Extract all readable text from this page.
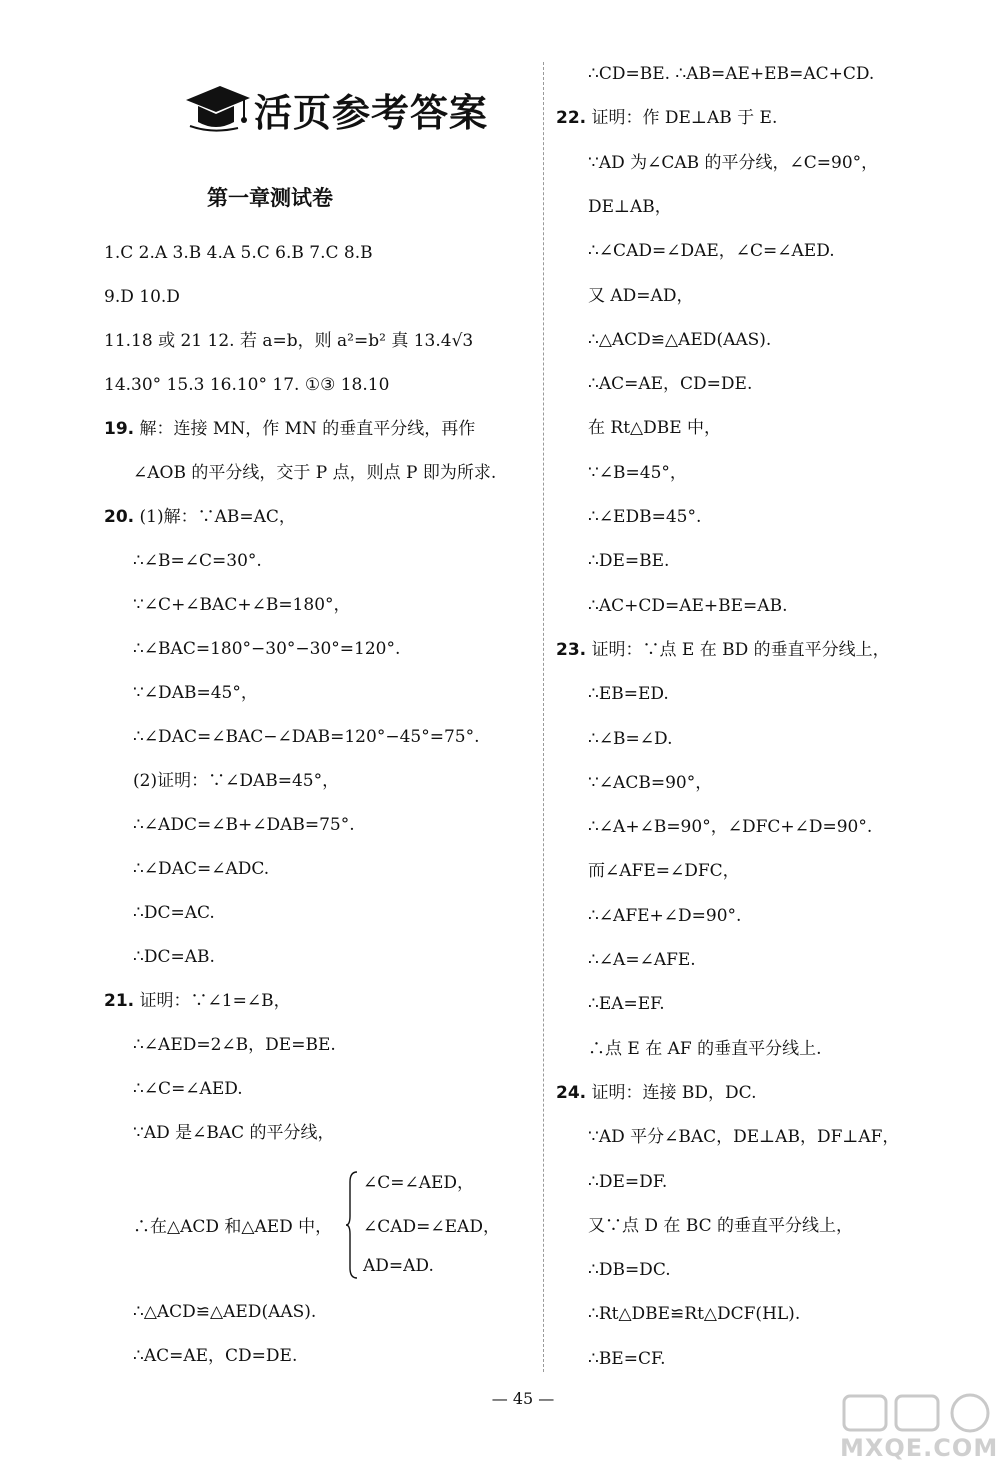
活页参考答案
第一章测试卷
1.C 2.A 3.B 4.A 5.C 6.B 7.C 8.B
9.D 10.D
11.18 或 21 12. 若 a=b，则 a²=b² 真 13.4√3
14.30° 15.3 16.10° 17. ①③ 18.10
19. 解：连接 MN，作 MN 的垂直平分线，再作
∠AOB 的平分线，交于 P 点，则点 P 即为所求.
20. (1)解：∵AB=AC，
∴∠B=∠C=30°.
∵∠C+∠BAC+∠B=180°，
∴∠BAC=180°−30°−30°=120°.
∵∠DAB=45°，
∴∠DAC=∠BAC−∠DAB=120°−45°=75°.
(2)证明：∵∠DAB=45°，
∴∠ADC=∠B+∠DAB=75°.
∴∠DAC=∠ADC.
∴DC=AC.
∴DC=AB.
21. 证明：∵∠1=∠B，
∴∠AED=2∠B，DE=BE.
∴∠C=∠AED.
∵AD 是∠BAC 的平分线，
∴在△ACD 和△AED 中，
∠C=∠AED，
∠CAD=∠EAD，
AD=AD.
∴△ACD≌△AED(AAS).
∴AC=AE，CD=DE.
∴CD=BE. ∴AB=AE+EB=AC+CD.
22. 证明：作 DE⊥AB 于 E.
∵AD 为∠CAB 的平分线，∠C=90°，
DE⊥AB，
∴∠CAD=∠DAE，∠C=∠AED.
又 AD=AD，
∴△ACD≌△AED(AAS).
∴AC=AE，CD=DE.
在 Rt△DBE 中，
∵∠B=45°，
∴∠EDB=45°.
∴DE=BE.
∴AC+CD=AE+BE=AB.
23. 证明：∵点 E 在 BD 的垂直平分线上，
∴EB=ED.
∴∠B=∠D.
∵∠ACB=90°，
∴∠A+∠B=90°，∠DFC+∠D=90°.
而∠AFE=∠DFC，
∴∠AFE+∠D=90°.
∴∠A=∠AFE.
∴EA=EF.
∴点 E 在 AF 的垂直平分线上.
24. 证明：连接 BD，DC.
∵AD 平分∠BAC，DE⊥AB，DF⊥AF，
∴DE=DF.
又∵点 D 在 BC 的垂直平分线上，
∴DB=DC.
∴Rt△DBE≌Rt△DCF(HL).
∴BE=CF.
— 45 —
MXQE.COM
